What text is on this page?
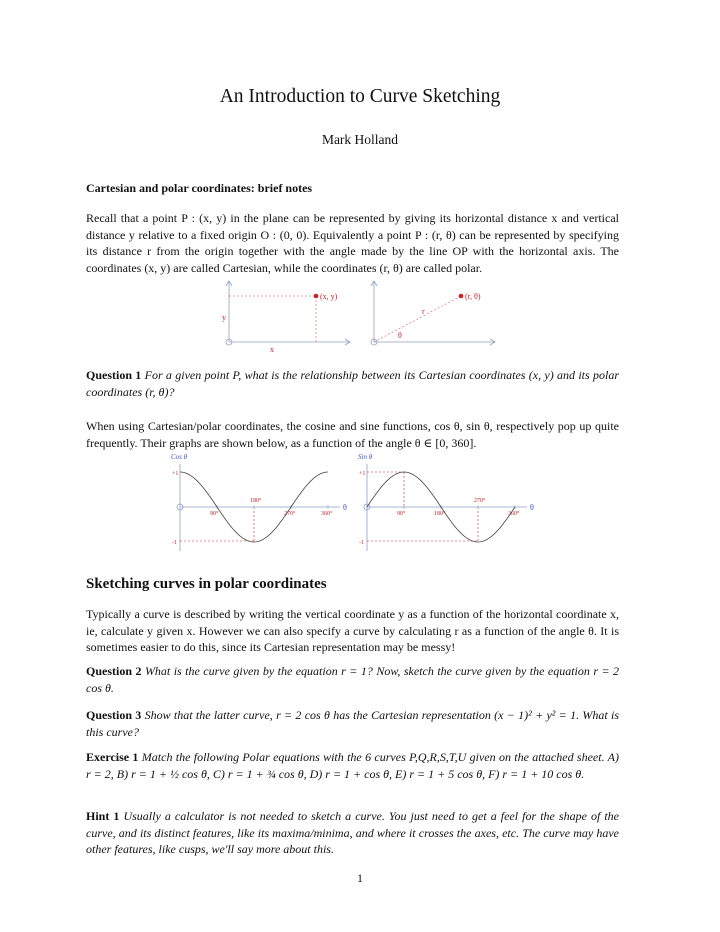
An Introduction to Curve Sketching
Mark Holland
Cartesian and polar coordinates: brief notes
Recall that a point P : (x, y) in the plane can be represented by giving its horizontal distance x and vertical distance y relative to a fixed origin O : (0, 0). Equivalently a point P : (r, θ) can be represented by specifying its distance r from the origin together with the angle made by the line OP with the horizontal axis. The coordinates (x, y) are called Cartesian, while the coordinates (r, θ) are called polar.
(x, y)
y
x
(r, θ)
r
θ
Question 1 For a given point P, what is the relationship between its Cartesian coordinates (x, y) and its polar coordinates (r, θ)?
When using Cartesian/polar coordinates, the cosine and sine functions, cos θ, sin θ, respectively pop up quite frequently. Their graphs are shown below, as a function of the angle θ ∈ [0, 360].
Cos θ
θ
+1
-1
90°
180°
270°	360°
Sin θ
θ
+1
-1
90°	180°
270°
360°
Sketching curves in polar coordinates
Typically a curve is described by writing the vertical coordinate y as a function of the horizontal coordinate x, ie, calculate y given x. However we can also specify a curve by calculating r as a function of the angle θ. It is sometimes easier to do this, since its Cartesian representation may be messy!
Question 2 What is the curve given by the equation r = 1? Now, sketch the curve given by the equation r = 2 cos θ.
Question 3 Show that the latter curve, r = 2 cos θ has the Cartesian representation (x − 1)² + y² = 1. What is this curve?
Exercise 1 Match the following Polar equations with the 6 curves P,Q,R,S,T,U given on the attached sheet. A) r = 2, B) r = 1 + ½ cos θ, C) r = 1 + ¾ cos θ, D) r = 1 + cos θ, E) r = 1 + 5 cos θ, F) r = 1 + 10 cos θ.
Hint 1 Usually a calculator is not needed to sketch a curve. You just need to get a feel for the shape of the curve, and its distinct features, like its maxima/minima, and where it crosses the axes, etc. The curve may have other features, like cusps, we'll say more about this.
1
